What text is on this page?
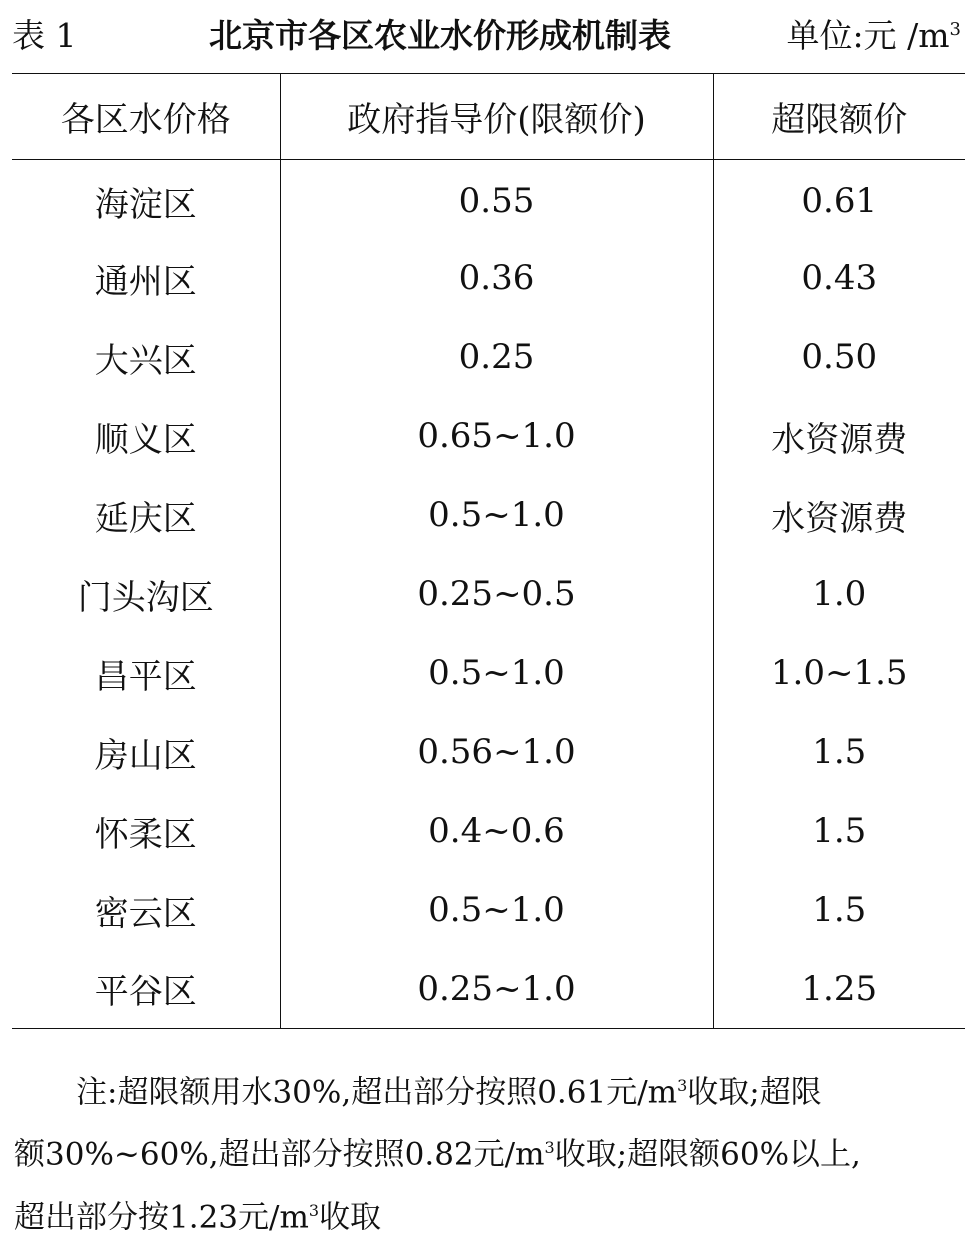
表 1	北京市各区农业水价形成机制表	单位:元 $/m^3$
各区水价格	政府指导价(限额价)	超限额价
海淀区	0.55	0.61
通州区	0.36	0.43
大兴区	0.25	0.50
顺义区	0.65~1.0	水资源费
延庆区	0.5~1.0	水资源费
门头沟区	0.25~0.5	1.0
昌平区	0.5~1.0	1.0~1.5
房山区	0.56~1.0	1.5
怀柔区	0.4~0.6	1.5
密云区	0.5~1.0	1.5
平谷区	0.25~1.0	1.25

注:超限额用水30%,超出部分按照0.61元$/m^3$收取;超限

额30%~60%,超出部分按照0.82元$/m^3$收取;超限额60%以上,

超出部分按1.23元$/m^3$收取
